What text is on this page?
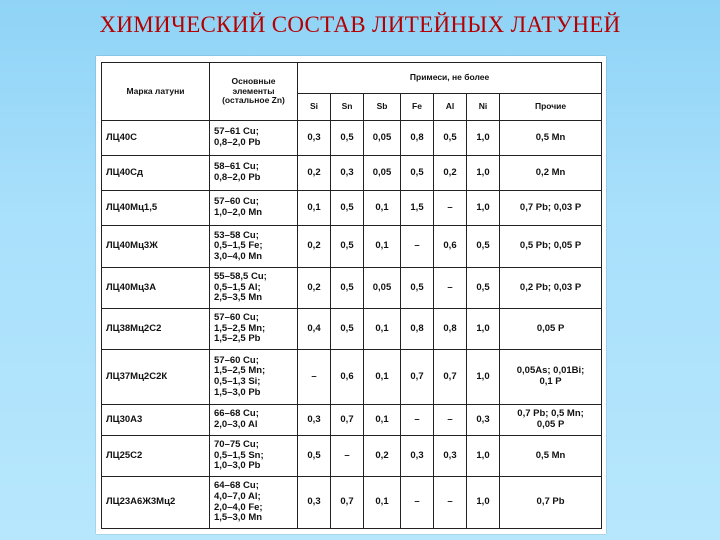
ХИМИЧЕСКИЙ СОСТАВ ЛИТЕЙНЫХ ЛАТУНЕЙ
Марка латуни	Основные элементы (остальное Zn)	Примеси, не более						
		Si	Sn	Sb	Fe	Al	Ni	Прочие
ЛЦ40С	57–61 Cu;
0,8–2,0 Pb	0,3	0,5	0,05	0,8	0,5	1,0	0,5 Mn
ЛЦ40Сд	58–61 Cu;
0,8–2,0 Pb	0,2	0,3	0,05	0,5	0,2	1,0	0,2 Mn
ЛЦ40Мц1,5	57–60 Cu;
1,0–2,0 Mn	0,1	0,5	0,1	1,5	–	1,0	0,7 Pb; 0,03 P
ЛЦ40Мц3Ж	53–58 Cu;
0,5–1,5 Fe;
3,0–4,0 Mn	0,2	0,5	0,1	–	0,6	0,5	0,5 Pb; 0,05 P
ЛЦ40Мц3А	55–58,5 Cu;
0,5–1,5 Al;
2,5–3,5 Mn	0,2	0,5	0,05	0,5	–	0,5	0,2 Pb; 0,03 P
ЛЦ38Мц2С2	57–60 Cu;
1,5–2,5 Mn;
1,5–2,5 Pb	0,4	0,5	0,1	0,8	0,8	1,0	0,05 P
ЛЦ37Мц2С2К	57–60 Cu;
1,5–2,5 Mn;
0,5–1,3 Si;
1,5–3,0 Pb	–	0,6	0,1	0,7	0,7	1,0	0,05As; 0,01Bi;
0,1 P
ЛЦ30А3	66–68 Cu;
2,0–3,0 Al	0,3	0,7	0,1	–	–	0,3	0,7 Pb; 0,5 Mn;
0,05 P
ЛЦ25С2	70–75 Cu;
0,5–1,5 Sn;
1,0–3,0 Pb	0,5	–	0,2	0,3	0,3	1,0	0,5 Mn
ЛЦ23А6Ж3Мц2	64–68 Cu;
4,0–7,0 Al;
2,0–4,0 Fe;
1,5–3,0 Mn	0,3	0,7	0,1	–	–	1,0	0,7 Pb
